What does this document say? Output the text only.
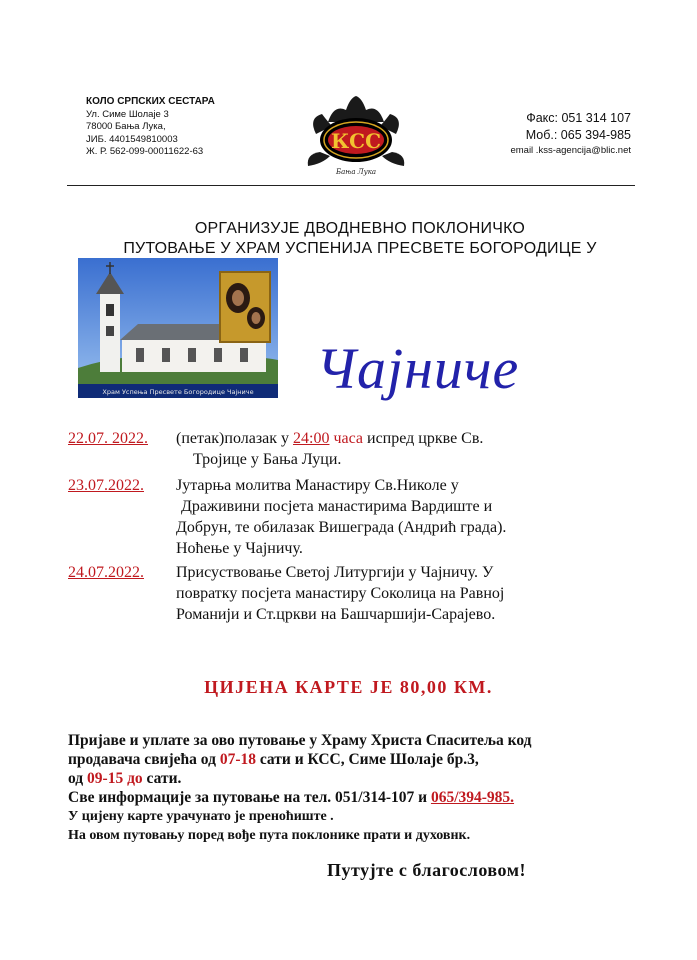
КОЛО СРПСКИХ СЕСТАРА
Ул. Симе Шолаје 3
78000 Бања Лука,
ЈИБ. 4401549810003
Ж. Р. 562-099-00011622-63	КСС
Бања Лука
Факс: 051 314 107
Моб.: 065 394-985
email .kss-agencija@blic.net
ОРГАНИЗУЈЕ ДВОДНЕВНО ПОКЛОНИЧКО
ПУТОВАЊЕ У ХРАМ УСПЕНИЈА ПРЕСВЕТЕ БОГОРОДИЦЕ У
Храм Успења Пресвете Богородице Чајниче Чајниче
22.07. 2022. (петак)полазак у 24:00 часа испред цркве Св.
Тројице у Бањa Луци.
23.07.2022. Јутарња молитва Манастиру Св.Николе у
Драживини посјета манастирима Вардиште и
Добрун, те обилазак Вишеграда (Андрић града).
Ноћење у Чајничу.
24.07.2022. Присуствовање Светој Литургији у Чајничу. У
повратку посјета манастиру Соколица на Равној
Романији и Ст.цркви на Башчаршији-Сарајево.
ЦИЈЕНА КАРТЕ ЈЕ 80,00 КМ.
Пријаве и уплате за ово путовање у Храму Христа Спаситеља код
продавача свијећа од 07-18 сати и КСС, Симе Шолаје бр.3,
од 09-15 до сати.
Све информације за путовање на тел. 051/314-107 и 065/394-985.
У цијену карте урачунато је преноћиште .
На овом путовању поред вође пута поклонике прати и духовнк.
Путујте с благословом!
